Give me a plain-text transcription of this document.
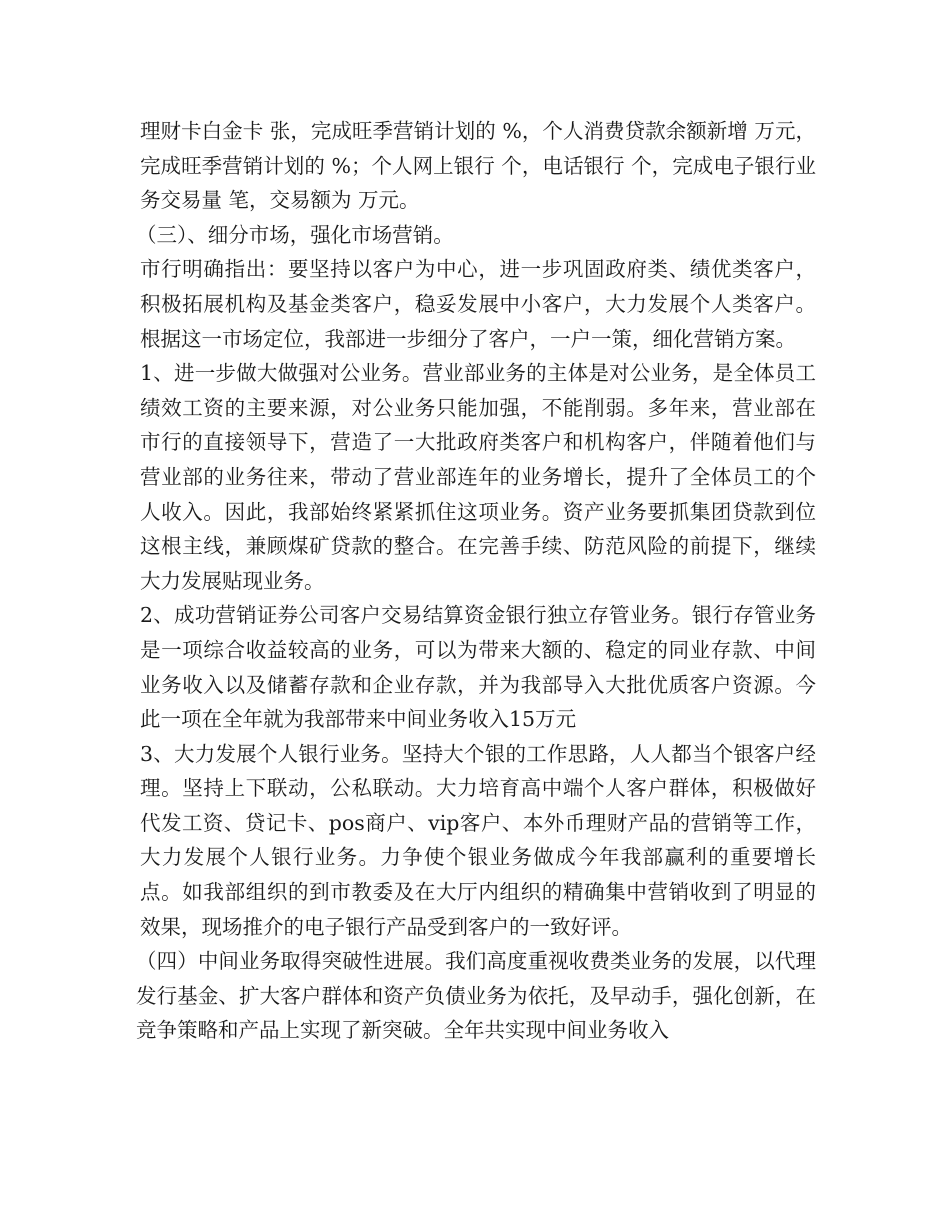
理财卡白金卡 张，完成旺季营销计划的 %，个人消费贷款余额新增 万元，完成旺季营销计划的 %；个人网上银行 个，电话银行 个，完成电子银行业务交易量 笔，交易额为 万元。

（三）、细分市场，强化市场营销。

市行明确指出：要坚持以客户为中心，进一步巩固政府类、绩优类客户，积极拓展机构及基金类客户，稳妥发展中小客户，大力发展个人类客户。根据这一市场定位，我部进一步细分了客户，一户一策，细化营销方案。

1、进一步做大做强对公业务。营业部业务的主体是对公业务，是全体员工绩效工资的主要来源，对公业务只能加强，不能削弱。多年来，营业部在市行的直接领导下，营造了一大批政府类客户和机构客户，伴随着他们与营业部的业务往来，带动了营业部连年的业务增长，提升了全体员工的个人收入。因此，我部始终紧紧抓住这项业务。资产业务要抓集团贷款到位这根主线，兼顾煤矿贷款的整合。在完善手续、防范风险的前提下，继续大力发展贴现业务。

2、成功营销证券公司客户交易结算资金银行独立存管业务。银行存管业务是一项综合收益较高的业务，可以为带来大额的、稳定的同业存款、中间业务收入以及储蓄存款和企业存款，并为我部导入大批优质客户资源。今此一项在全年就为我部带来中间业务收入15万元

3、大力发展个人银行业务。坚持大个银的工作思路，人人都当个银客户经理。坚持上下联动，公私联动。大力培育高中端个人客户群体，积极做好代发工资、贷记卡、pos商户、vip客户、本外币理财产品的营销等工作，大力发展个人银行业务。力争使个银业务做成今年我部赢利的重要增长点。如我部组织的到市教委及在大厅内组织的精确集中营销收到了明显的效果，现场推介的电子银行产品受到客户的一致好评。

（四）中间业务取得突破性进展。我们高度重视收费类业务的发展，以代理发行基金、扩大客户群体和资产负债业务为依托，及早动手，强化创新，在竞争策略和产品上实现了新突破。全年共实现中间业务收入
